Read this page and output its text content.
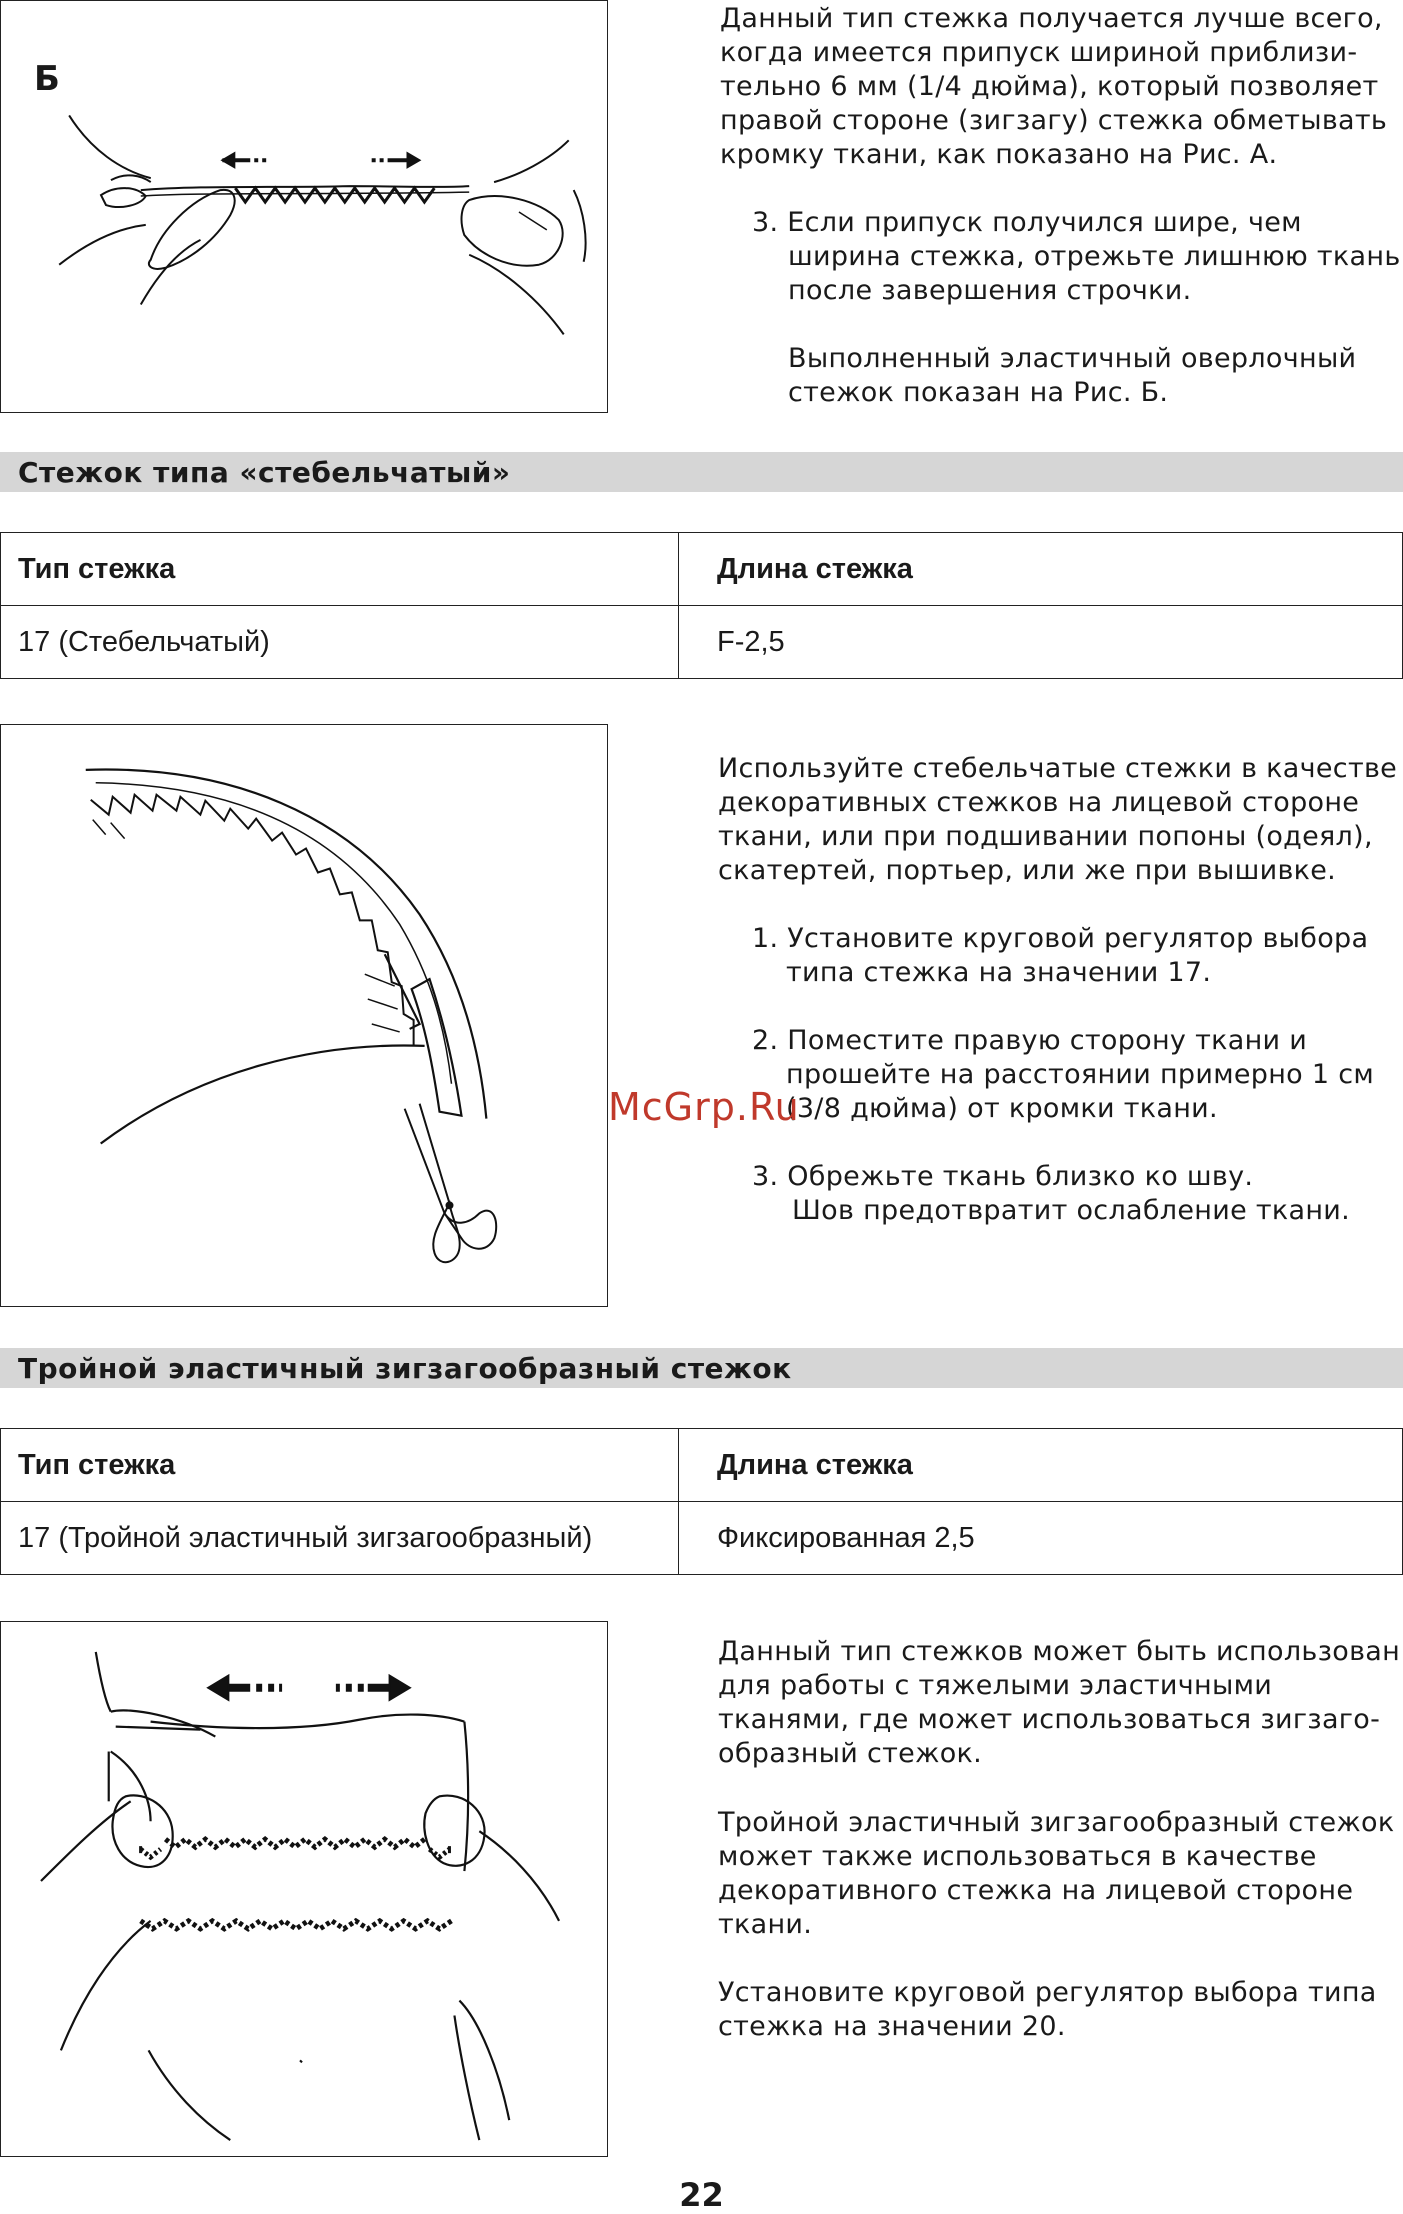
Б
Данный тип стежка получается лучше всего,
когда имеется припуск шириной приблизи-
тельно 6 мм (1/4 дюйма), который позволяет
правой стороне (зигзагу) стежка обметывать
кромку ткани, как показано на Рис. А.
3. Если припуск получился шире, чем
ширина стежка, отрежьте лишнюю ткань
после завершения строчки.
Выполненный эластичный оверлочный
стежок показан на Рис. Б.
Стежок типа «стебельчатый»
Тип стежка	Длина стежка
17 (Стебельчатый)	F-2,5
Используйте стебельчатые стежки в качестве
декоративных стежков на лицевой стороне
ткани, или при подшивании попоны (одеял),
скатертей, портьер, или же при вышивке.
1. Установите круговой регулятор выбора
типа стежка на значении 17.
2. Поместите правую сторону ткани и
прошейте на расстоянии примерно 1 см
(3/8 дюйма) от кромки ткани.
3. Обрежьте ткань близко ко шву.
Шов предотвратит ослабление ткани.
McGrp.Ru
Тройной эластичный зигзагообразный стежок
Тип стежка	Длина стежка
17 (Тройной эластичный зигзагообразный)	Фиксированная 2,5
Данный тип стежков может быть использован
для работы с тяжелыми эластичными
тканями, где может использоваться зигзаго-
образный стежок.
Тройной эластичный зигзагообразный стежок
может также использоваться в качестве
декоративного стежка на лицевой стороне
ткани.
Установите круговой регулятор выбора типа
стежка на значении 20.
22
